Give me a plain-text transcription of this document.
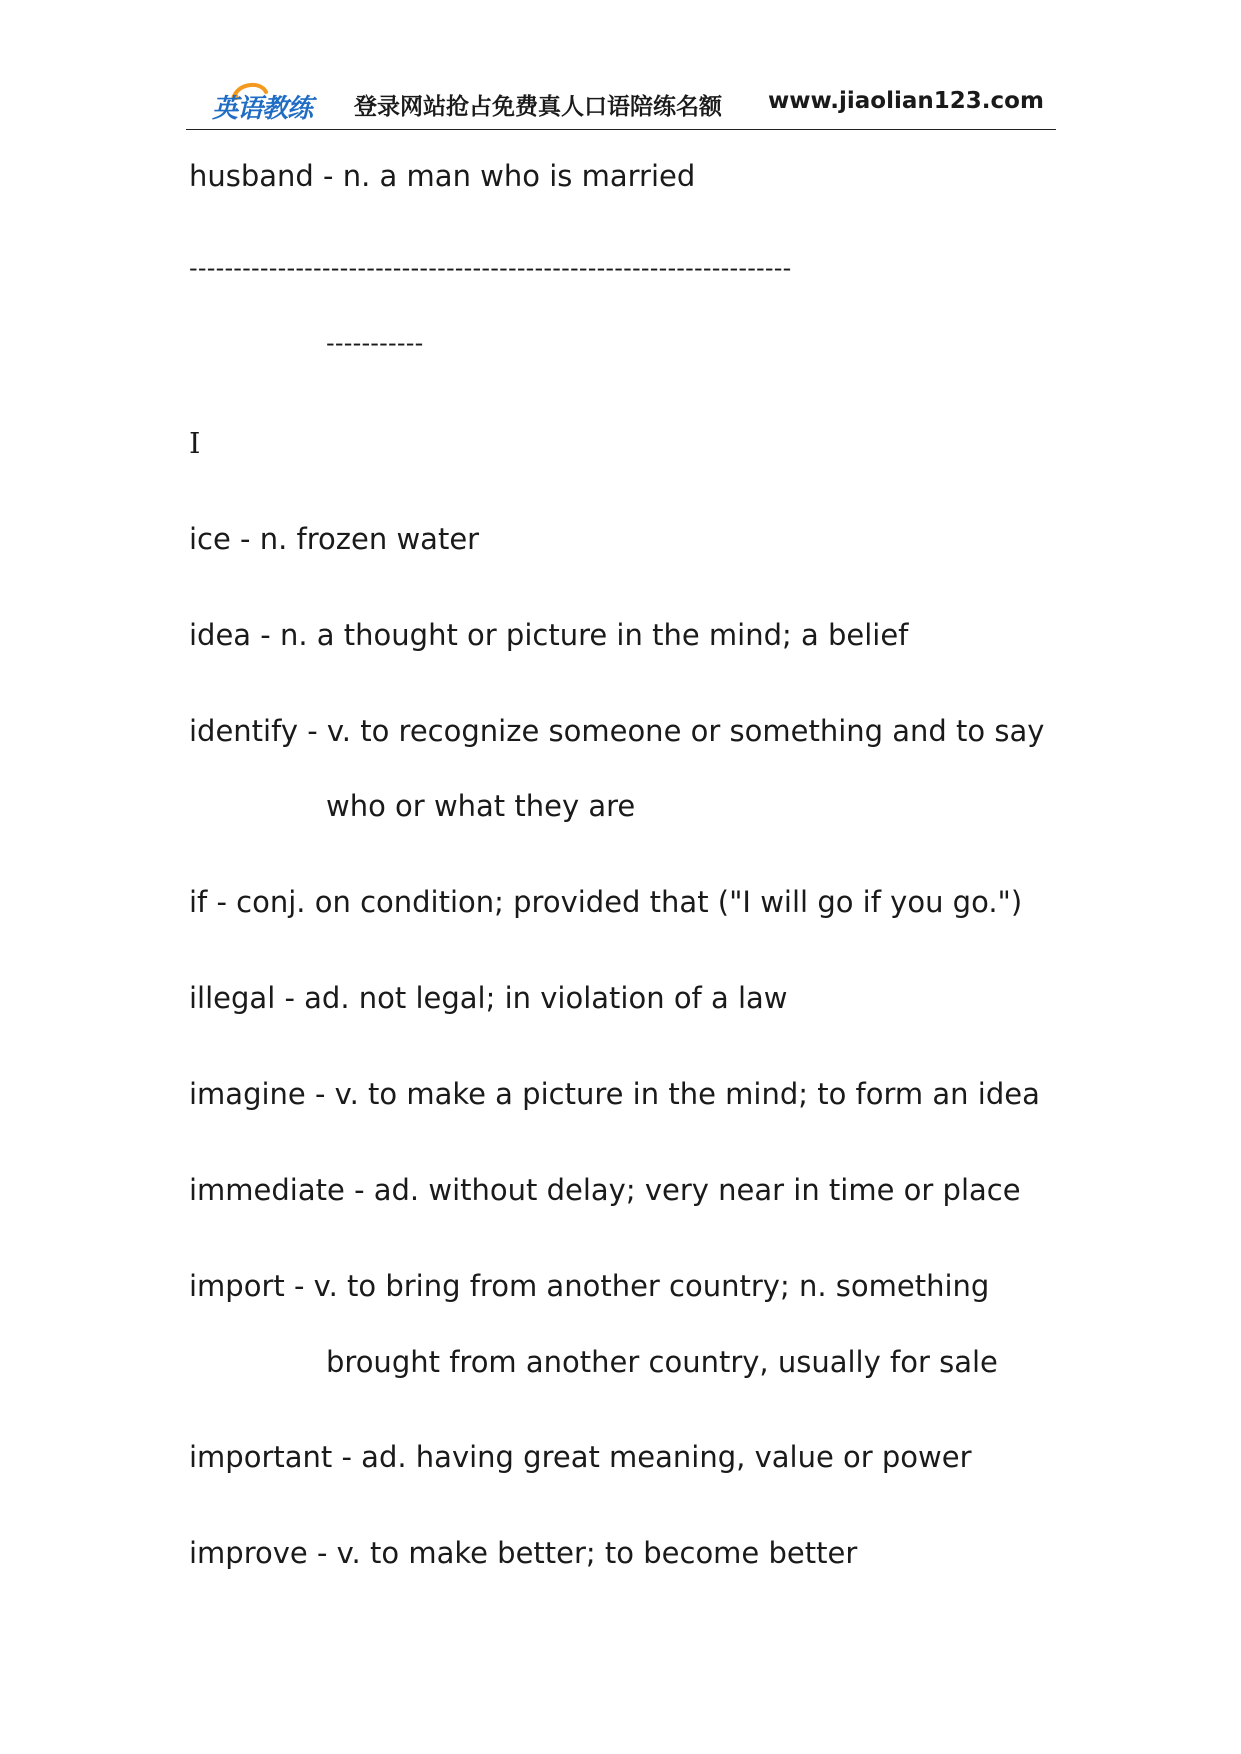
英语教练 登录网站抢占免费真人口语陪练名额 www.jiaolian123.com
husband - n. a man who is married
--------------------------------------------------------------------
-----------
I
ice - n. frozen water
idea - n. a thought or picture in the mind; a belief
identify - v. to recognize someone or something and to say
who or what they are
if - conj. on condition; provided that ("I will go if you go.")
illegal - ad. not legal; in violation of a law
imagine - v. to make a picture in the mind; to form an idea
immediate - ad. without delay; very near in time or place
import - v. to bring from another country; n. something
brought from another country, usually for sale
important - ad. having great meaning, value or power
improve - v. to make better; to become better
